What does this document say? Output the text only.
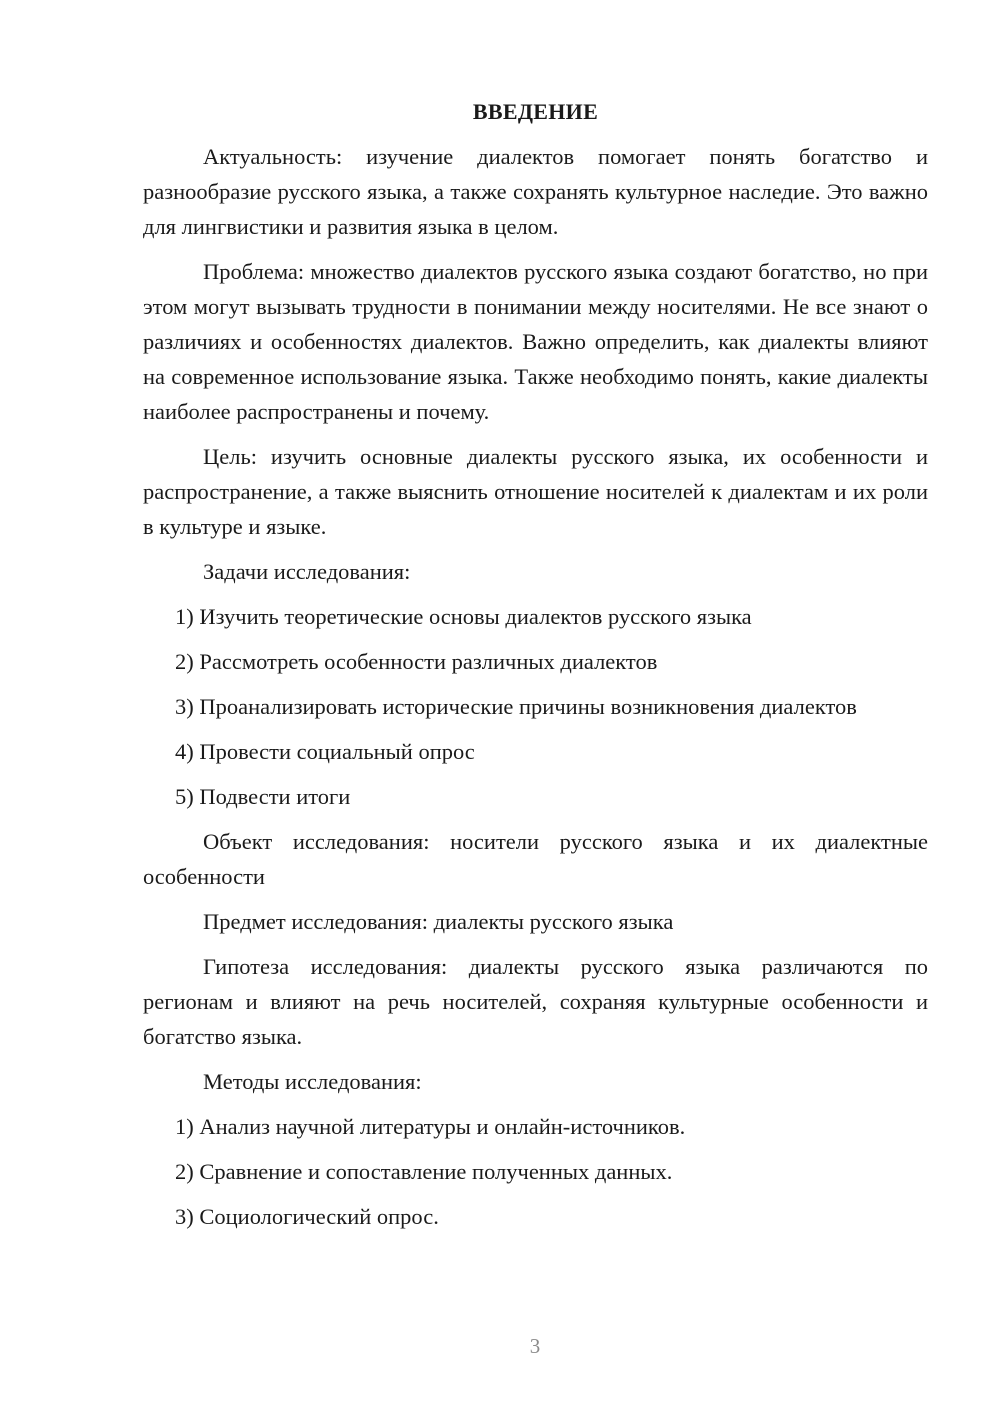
ВВЕДЕНИЕ

Актуальность: изучение диалектов помогает понять богатство и разнообразие русского языка, а также сохранять культурное наследие. Это важно для лингвистики и развития языка в целом.

Проблема: множество диалектов русского языка создают богатство, но при этом могут вызывать трудности в понимании между носителями. Не все знают о различиях и особенностях диалектов. Важно определить, как диалекты влияют на современное использование языка. Также необходимо понять, какие диалекты наиболее распространены и почему.

Цель: изучить основные диалекты русского языка, их особенности и распространение, а также выяснить отношение носителей к диалектам и их роли в культуре и языке.

Задачи исследования:

1) Изучить теоретические основы диалектов русского языка

2) Рассмотреть особенности различных диалектов

3) Проанализировать исторические причины возникновения диалектов

4) Провести социальный опрос

5) Подвести итоги

Объект исследования: носители русского языка и их диалектные особенности

Предмет исследования: диалекты русского языка

Гипотеза исследования: диалекты русского языка различаются по регионам и влияют на речь носителей, сохраняя культурные особенности и богатство языка.

Методы исследования:

1) Анализ научной литературы и онлайн-источников.

2) Сравнение и сопоставление полученных данных.

3) Социологический опрос.

3
